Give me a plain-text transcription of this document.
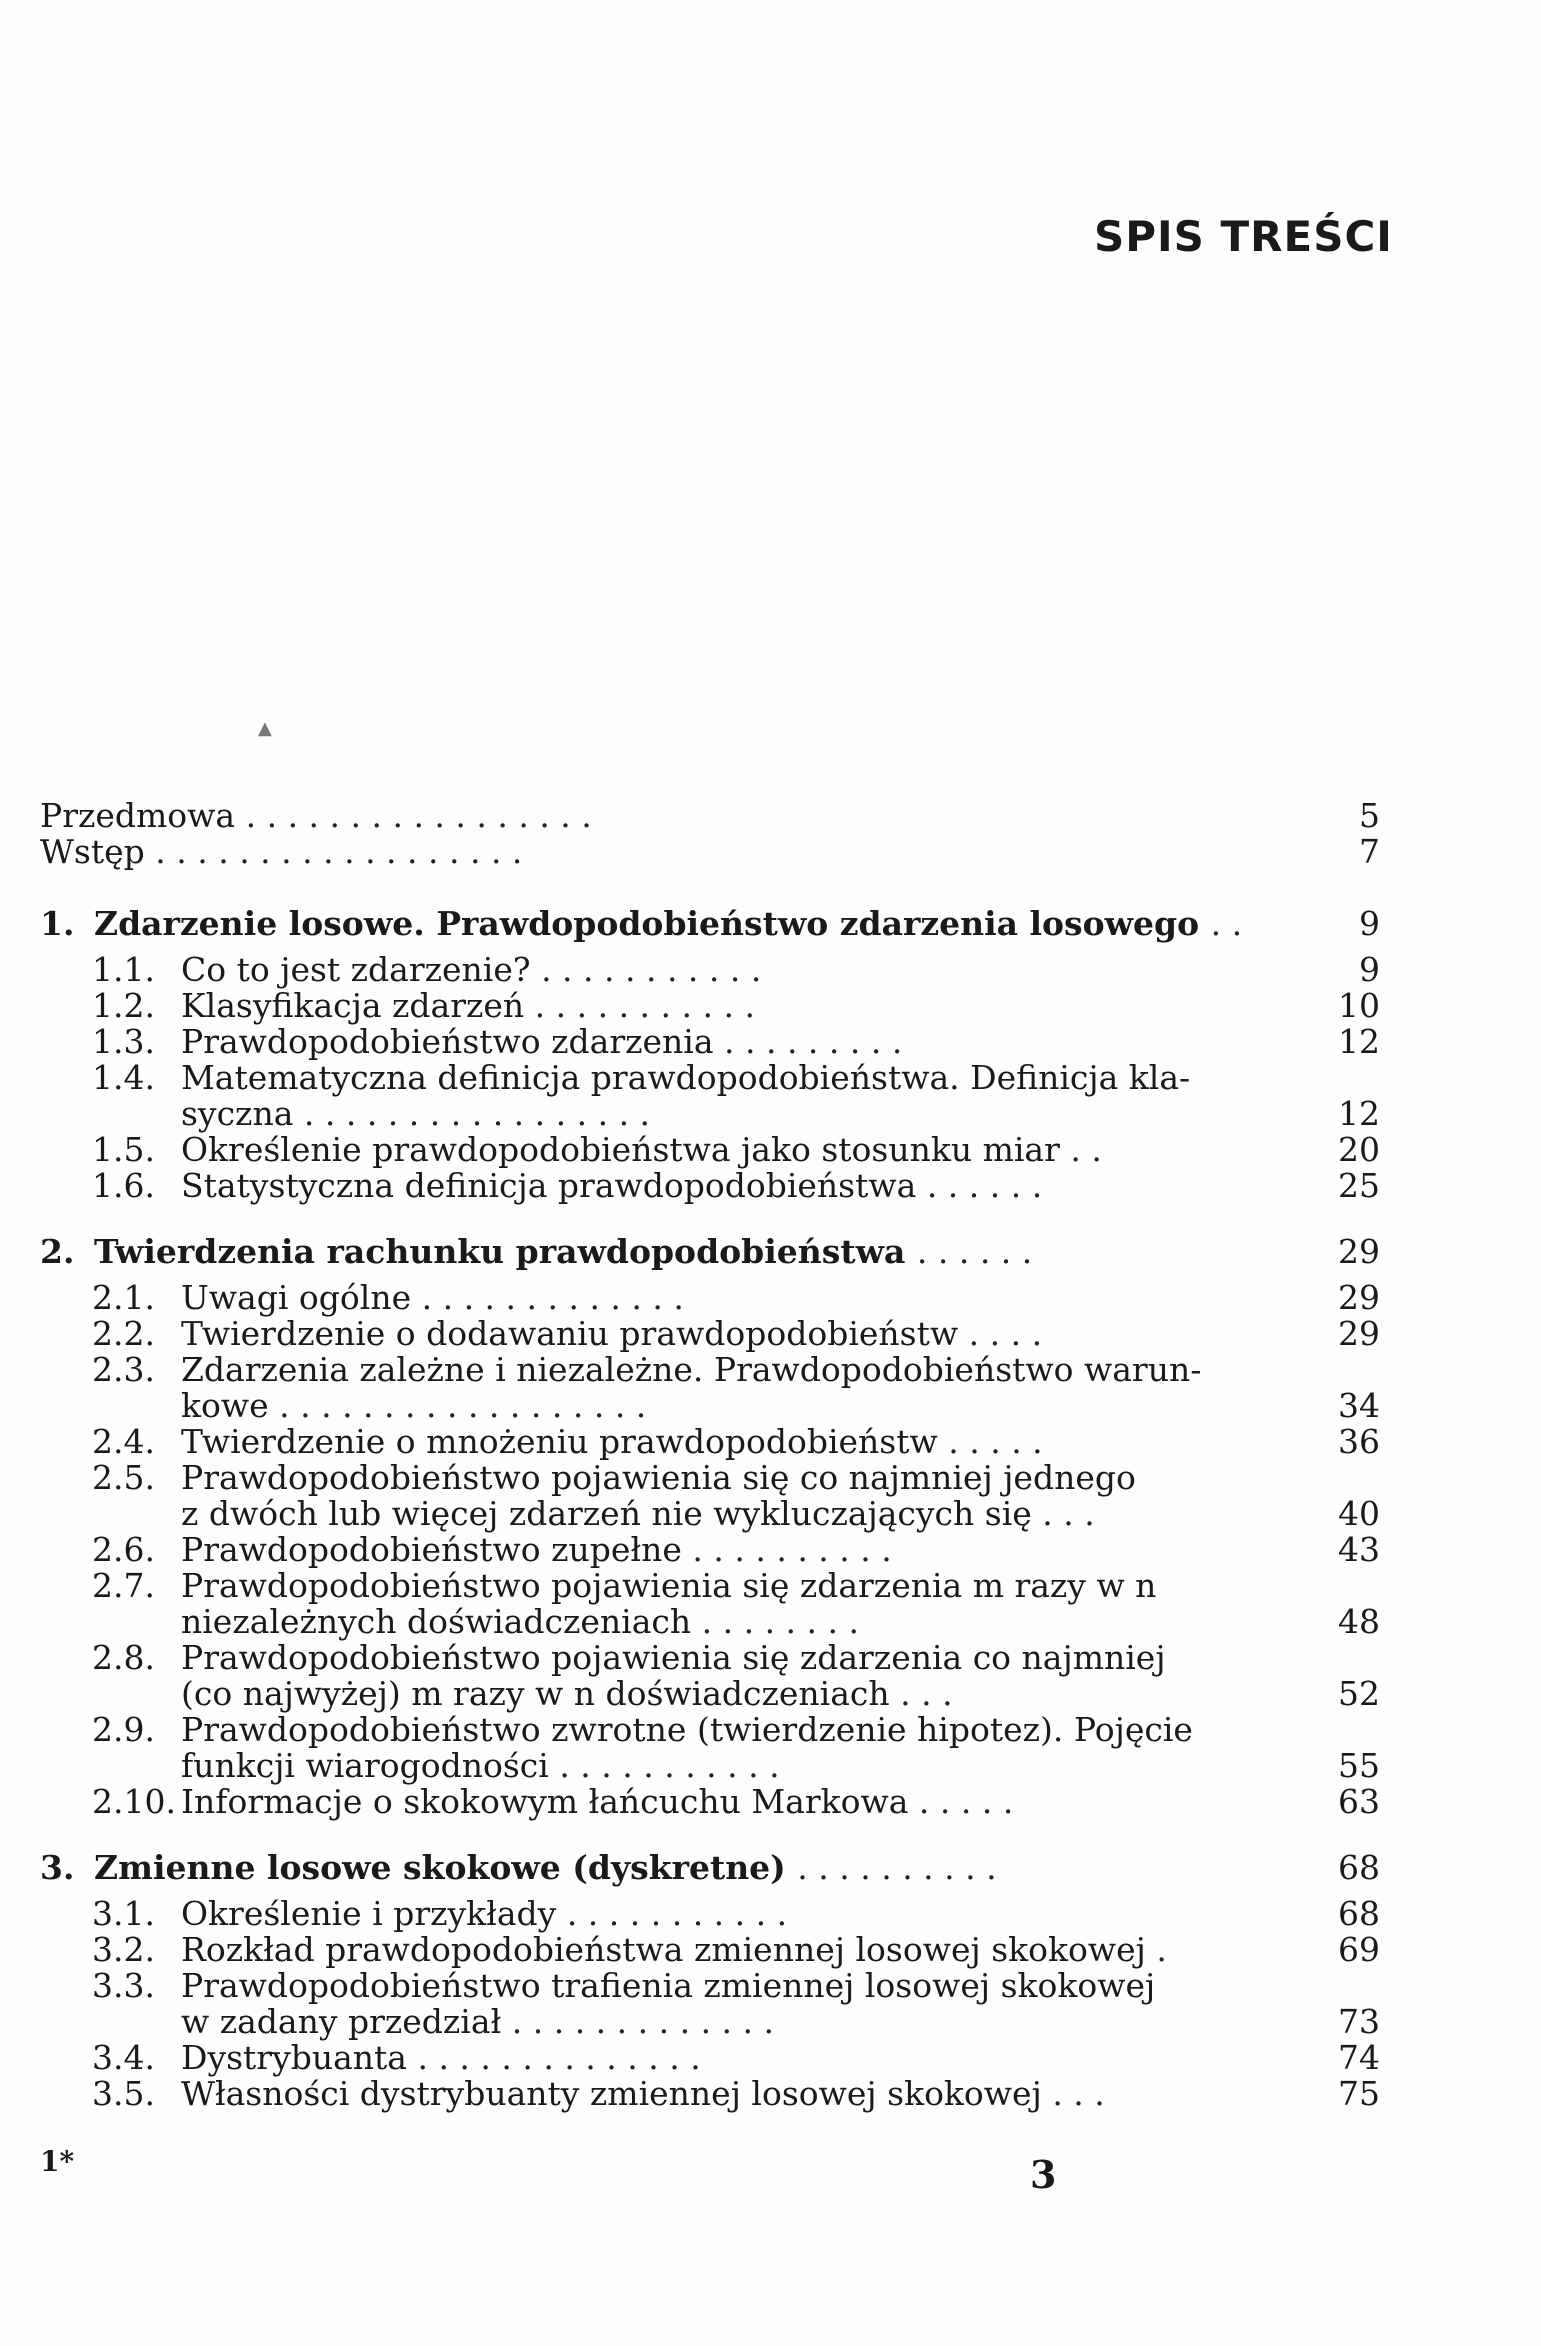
SPIS TREŚCI
Przedmowa . . . . . . . . . . . . . . . . .	5
Wstęp . . . . . . . . . . . . . . . . . .	7
1. Zdarzenie losowe. Prawdopodobieństwo zdarzenia losowego . .	9
1.1. Co to jest zdarzenie? . . . . . . . . . . .	9
1.2. Klasyfikacja zdarzeń . . . . . . . . . . .	10
1.3. Prawdopodobieństwo zdarzenia . . . . . . . . .	12
1.4. Matematyczna definicja prawdopodobieństwa. Definicja kla-
syczna . . . . . . . . . . . . . . . . .	12
1.5. Określenie prawdopodobieństwa jako stosunku miar . .	20
1.6. Statystyczna definicja prawdopodobieństwa . . . . . .	25
2. Twierdzenia rachunku prawdopodobieństwa . . . . . .	29
2.1. Uwagi ogólne . . . . . . . . . . . . .	29
2.2. Twierdzenie o dodawaniu prawdopodobieństw . . . .	29
2.3. Zdarzenia zależne i niezależne. Prawdopodobieństwo warun-
kowe . . . . . . . . . . . . . . . . . .	34
2.4. Twierdzenie o mnożeniu prawdopodobieństw . . . . .	36
2.5. Prawdopodobieństwo pojawienia się co najmniej jednego
z dwóch lub więcej zdarzeń nie wykluczających się . . .	40
2.6. Prawdopodobieństwo zupełne . . . . . . . . . .	43
2.7. Prawdopodobieństwo pojawienia się zdarzenia m razy w n
niezależnych doświadczeniach . . . . . . . .	48
2.8. Prawdopodobieństwo pojawienia się zdarzenia co najmniej
(co najwyżej) m razy w n doświadczeniach . . .	52
2.9. Prawdopodobieństwo zwrotne (twierdzenie hipotez). Pojęcie
funkcji wiarogodności . . . . . . . . . . .	55
2.10. Informacje o skokowym łańcuchu Markowa . . . . .	63
3. Zmienne losowe skokowe (dyskretne) . . . . . . . . . .	68
3.1. Określenie i przykłady . . . . . . . . . . .	68
3.2. Rozkład prawdopodobieństwa zmiennej losowej skokowej .	69
3.3. Prawdopodobieństwo trafienia zmiennej losowej skokowej
w zadany przedział . . . . . . . . . . . . .	73
3.4. Dystrybuanta . . . . . . . . . . . . . .	74
3.5. Własności dystrybuanty zmiennej losowej skokowej . . .	75
▲

1*	3
